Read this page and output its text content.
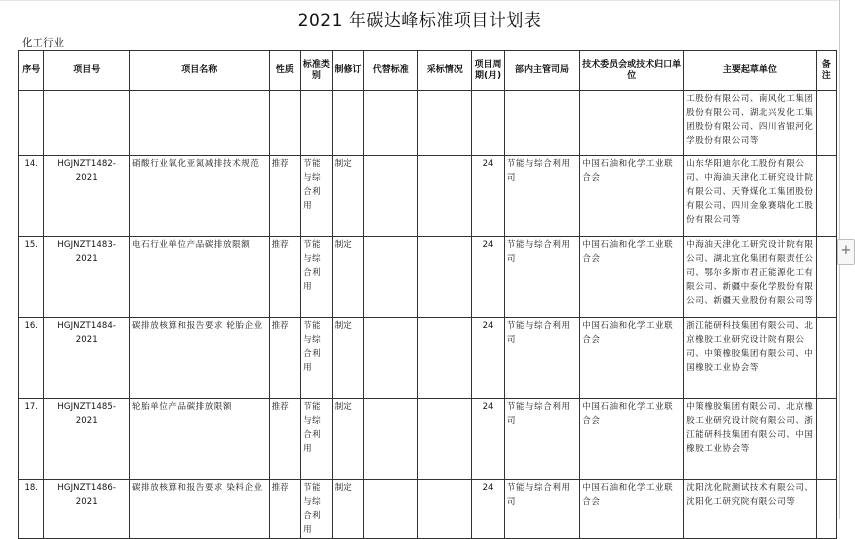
2021 年碳达峰标准项目计划表
化工行业
+
序号	项目号	项目名称	性质	标准类别	制修订	代替标准	采标情况	项目周期(月)	部内主管司局	技术委员会或技术归口单位	主要起草单位	备注
											工股份有限公司、南风化工集团股份有限公司、湖北兴发化工集团股份有限公司、四川省银河化学股份有限公司等	
14.	HGJNZT1482-2021	硝酸行业氧化亚氮减排技术规范	推荐	节能与综合利用	制定			24	节能与综合利用司	中国石油和化学工业联合会	山东华阳迪尔化工股份有限公司、中海油天津化工研究设计院有限公司、天脊煤化工集团股份有限公司、四川金象赛瑞化工股份有限公司等	
15.	HGJNZT1483-2021	电石行业单位产品碳排放限额	推荐	节能与综合利用	制定			24	节能与综合利用司	中国石油和化学工业联合会	中海油天津化工研究设计院有限公司、湖北宜化集团有限责任公司、鄂尔多斯市君正能源化工有限公司、新疆中泰化学股份有限公司、新疆天业股份有限公司等	
16.	HGJNZT1484-2021	碳排放核算和报告要求 轮胎企业	推荐	节能与综合利用	制定			24	节能与综合利用司	中国石油和化学工业联合会	浙江能研科技集团有限公司、北京橡胶工业研究设计院有限公司、中策橡胶集团有限公司、中国橡胶工业协会等	
17.	HGJNZT1485-2021	轮胎单位产品碳排放限额	推荐	节能与综合利用	制定			24	节能与综合利用司	中国石油和化学工业联合会	中策橡胶集团有限公司、北京橡胶工业研究设计院有限公司、浙江能研科技集团有限公司、中国橡胶工业协会等	
18.	HGJNZT1486-2021	碳排放核算和报告要求 染料企业	推荐	节能与综合利用	制定			24	节能与综合利用司	中国石油和化学工业联合会	沈阳沈化院测试技术有限公司、沈阳化工研究院有限公司等	
